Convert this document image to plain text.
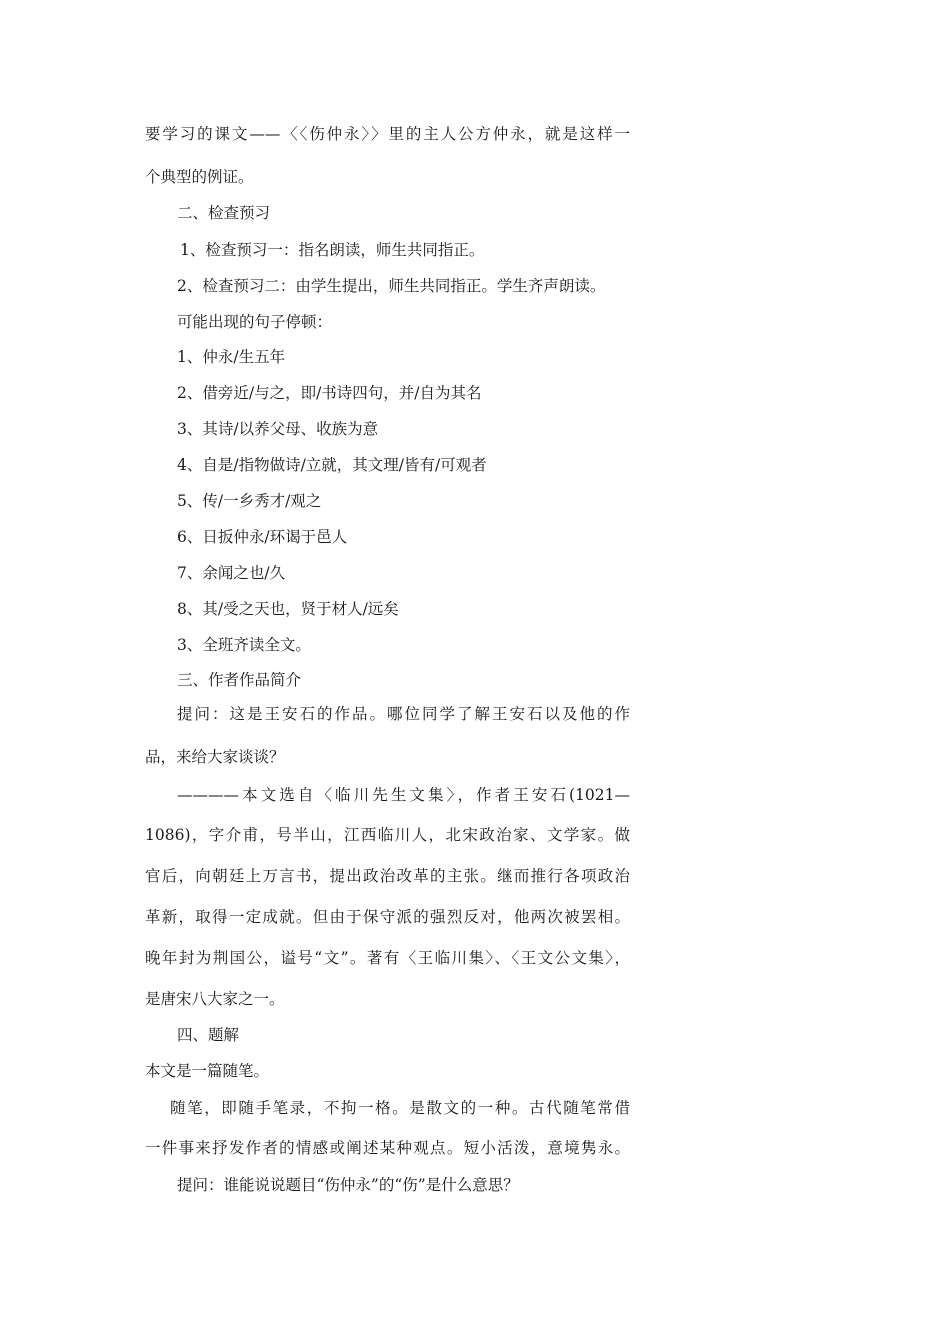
要学习的课文——〈〈伤仲永〉〉里的主人公方仲永，就是这样一

个典型的例证。

二、检查预习

1、检查预习一：指名朗读，师生共同指正。

2、检查预习二：由学生提出，师生共同指正。学生齐声朗读。

可能出现的句子停顿：

1、仲永/生五年

2、借旁近/与之，即/书诗四句，并/自为其名

3、其诗/以养父母、收族为意

4、自是/指物做诗/立就，其文理/皆有/可观者

5、传/一乡秀才/观之

6、日扳仲永/环谒于邑人

7、余闻之也/久

8、其/受之天也，贤于材人/远矣

3、全班齐读全文。

三、作者作品简介

提问：这是王安石的作品。哪位同学了解王安石以及他的作

品，来给大家谈谈？

————本文选自〈临川先生文集〉，作者王安石(1021—

1086)，字介甫，号半山，江西临川人，北宋政治家、文学家。做

官后，向朝廷上万言书，提出政治改革的主张。继而推行各项政治

革新，取得一定成就。但由于保守派的强烈反对，他两次被罢相。

晚年封为荆国公，谥号“文”。著有〈王临川集〉、〈王文公文集〉，

是唐宋八大家之一。

四、题解

本文是一篇随笔。

随笔，即随手笔录，不拘一格。是散文的一种。古代随笔常借

一件事来抒发作者的情感或阐述某种观点。短小活泼，意境隽永。

提问：谁能说说题目“伤仲永”的“伤”是什么意思？
